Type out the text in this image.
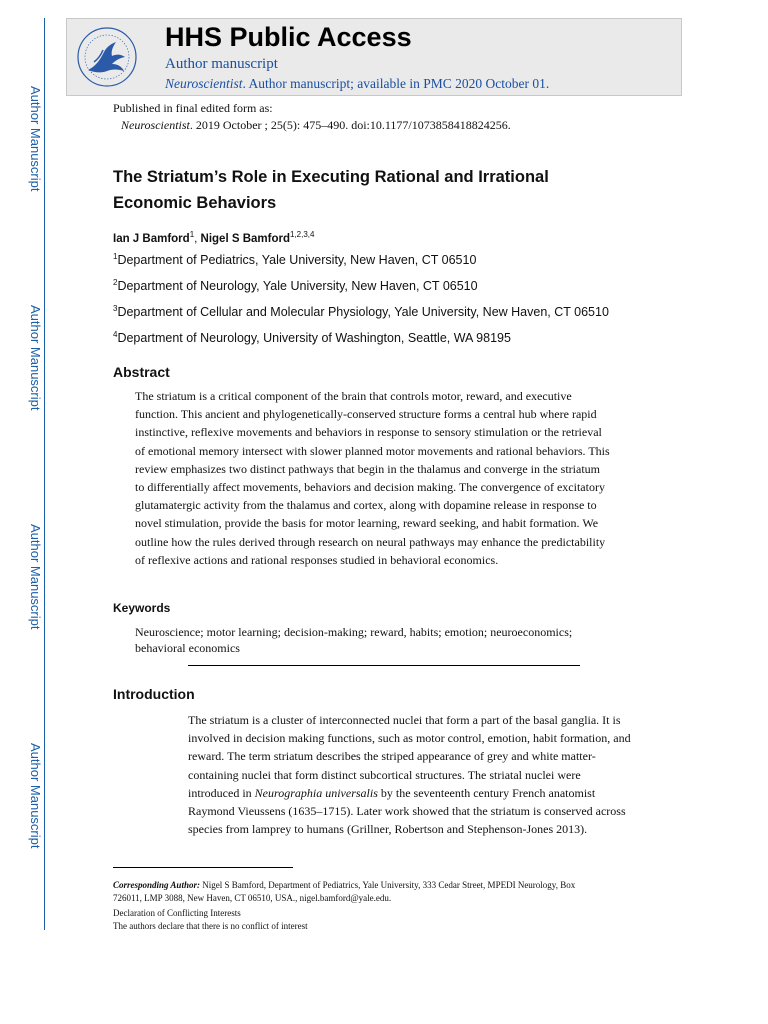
Author Manuscript
Author Manuscript
Author Manuscript
Author Manuscript
HHS Public Access
Author manuscript
Neuroscientist. Author manuscript; available in PMC 2020 October 01.
Published in final edited form as:
Neuroscientist. 2019 October ; 25(5): 475–490. doi:10.1177/1073858418824256.
The Striatum’s Role in Executing Rational and Irrational
Economic Behaviors
Ian J Bamford$^1$, Nigel S Bamford$^{1,2,3,4}$
$^1$Department of Pediatrics, Yale University, New Haven, CT 06510
$^2$Department of Neurology, Yale University, New Haven, CT 06510
$^3$Department of Cellular and Molecular Physiology, Yale University, New Haven, CT 06510
$^4$Department of Neurology, University of Washington, Seattle, WA 98195
Abstract
The striatum is a critical component of the brain that controls motor, reward, and executive
function. This ancient and phylogenetically-conserved structure forms a central hub where rapid
instinctive, reflexive movements and behaviors in response to sensory stimulation or the retrieval
of emotional memory intersect with slower planned motor movements and rational behaviors. This
review emphasizes two distinct pathways that begin in the thalamus and converge in the striatum
to differentially affect movements, behaviors and decision making. The convergence of excitatory
glutamatergic activity from the thalamus and cortex, along with dopamine release in response to
novel stimulation, provide the basis for motor learning, reward seeking, and habit formation. We
outline how the rules derived through research on neural pathways may enhance the predictability
of reflexive actions and rational responses studied in behavioral economics.
Keywords
Neuroscience; motor learning; decision-making; reward, habits; emotion; neuroeconomics;
behavioral economics
Introduction
The striatum is a cluster of interconnected nuclei that form a part of the basal ganglia. It is
involved in decision making functions, such as motor control, emotion, habit formation, and
reward. The term striatum describes the striped appearance of grey and white matter-
containing nuclei that form distinct subcortical structures. The striatal nuclei were
introduced in Neurographia universalis by the seventeenth century French anatomist
Raymond Vieussens (1635–1715). Later work showed that the striatum is conserved across
species from lamprey to humans (Grillner, Robertson and Stephenson-Jones 2013).
Corresponding Author: Nigel S Bamford, Department of Pediatrics, Yale University, 333 Cedar Street, MPEDI Neurology, Box
726011, LMP 3088, New Haven, CT 06510, USA., nigel.bamford@yale.edu.
Declaration of Conflicting Interests
The authors declare that there is no conflict of interest
